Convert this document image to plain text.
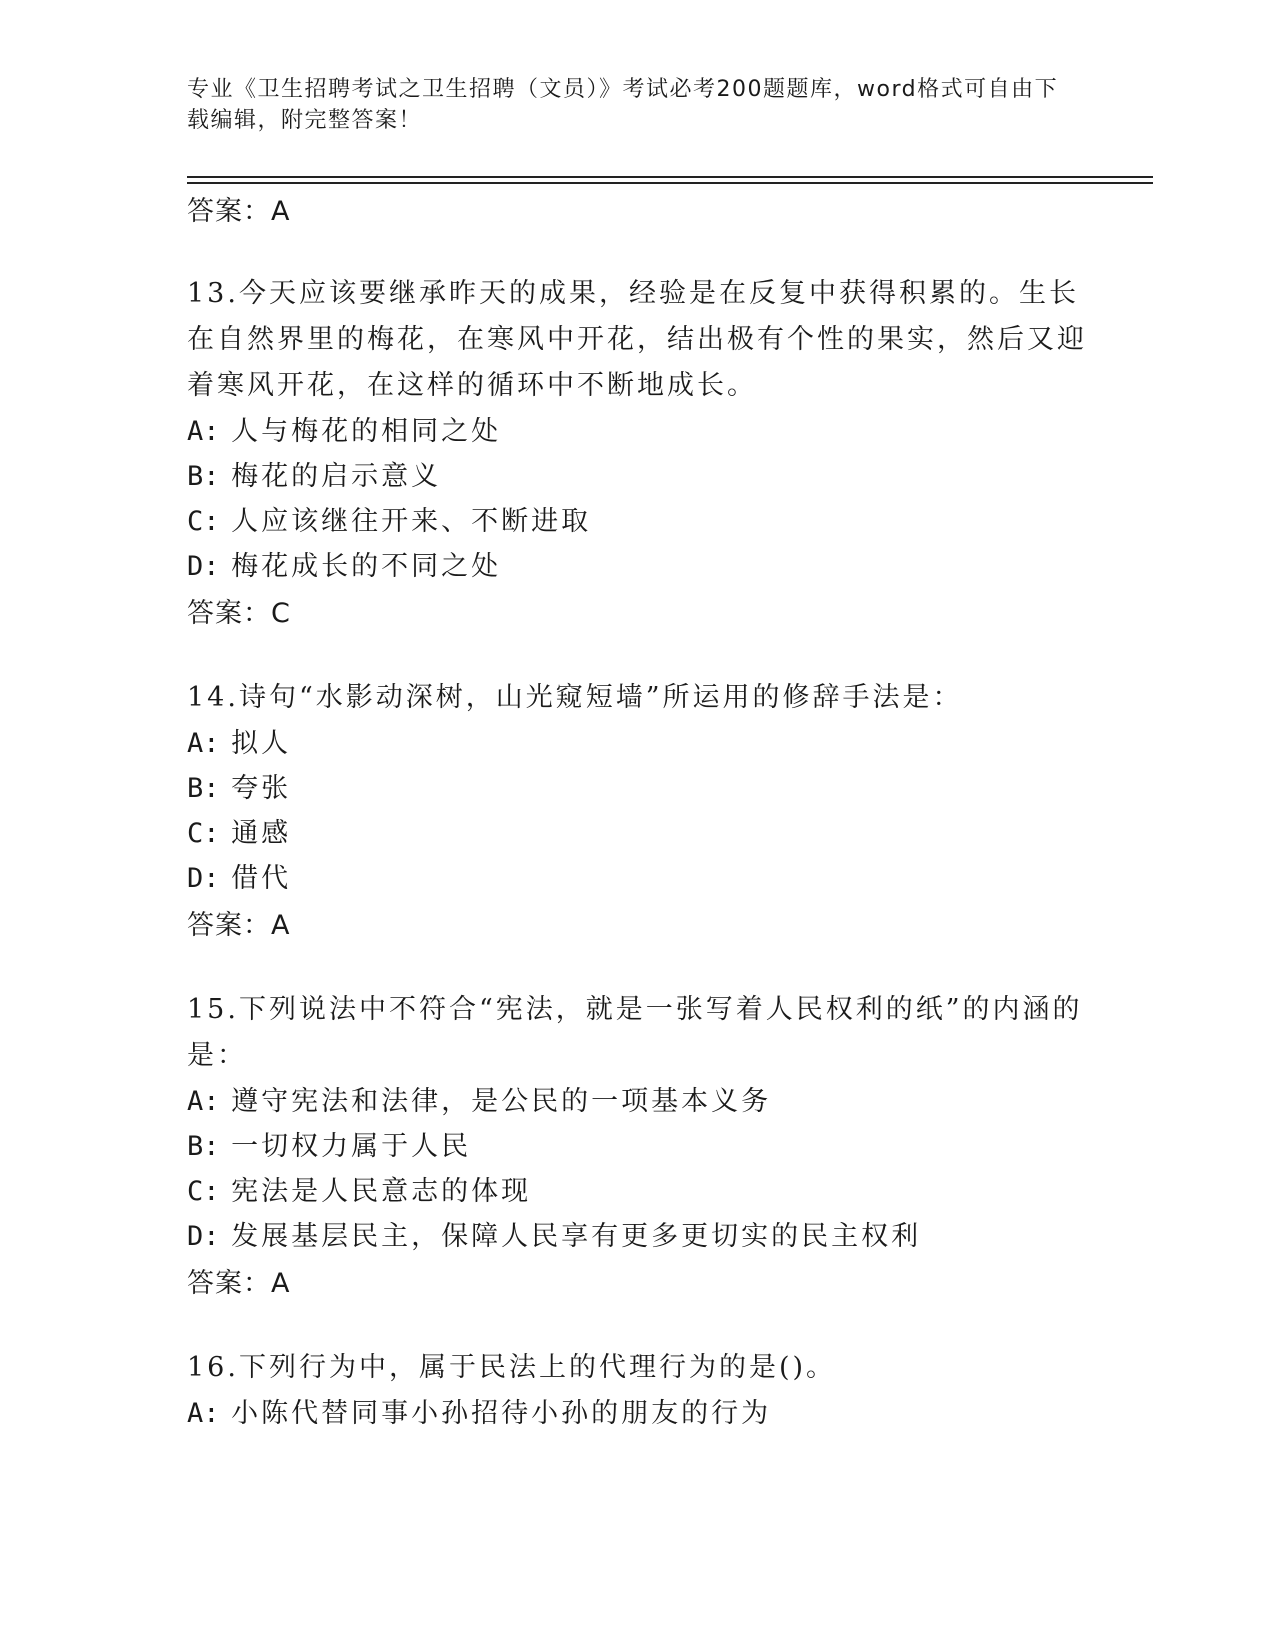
专业《卫生招聘考试之卫生招聘（文员）》考试必考200题题库，word格式可自由下载编辑，附完整答案！
答案：A
13.今天应该要继承昨天的成果，经验是在反复中获得积累的。生长在自然界里的梅花，在寒风中开花，结出极有个性的果实，然后又迎着寒风开花，在这样的循环中不断地成长。
A: 人与梅花的相同之处
B: 梅花的启示意义
C: 人应该继往开来、不断进取
D: 梅花成长的不同之处
答案：C
14.诗句“水影动深树，山光窥短墙”所运用的修辞手法是：
A: 拟人
B: 夸张
C: 通感
D: 借代
答案：A
15.下列说法中不符合“宪法，就是一张写着人民权利的纸”的内涵的是：
A: 遵守宪法和法律，是公民的一项基本义务
B: 一切权力属于人民
C: 宪法是人民意志的体现
D: 发展基层民主，保障人民享有更多更切实的民主权利
答案：A
16.下列行为中，属于民法上的代理行为的是()。
A: 小陈代替同事小孙招待小孙的朋友的行为
